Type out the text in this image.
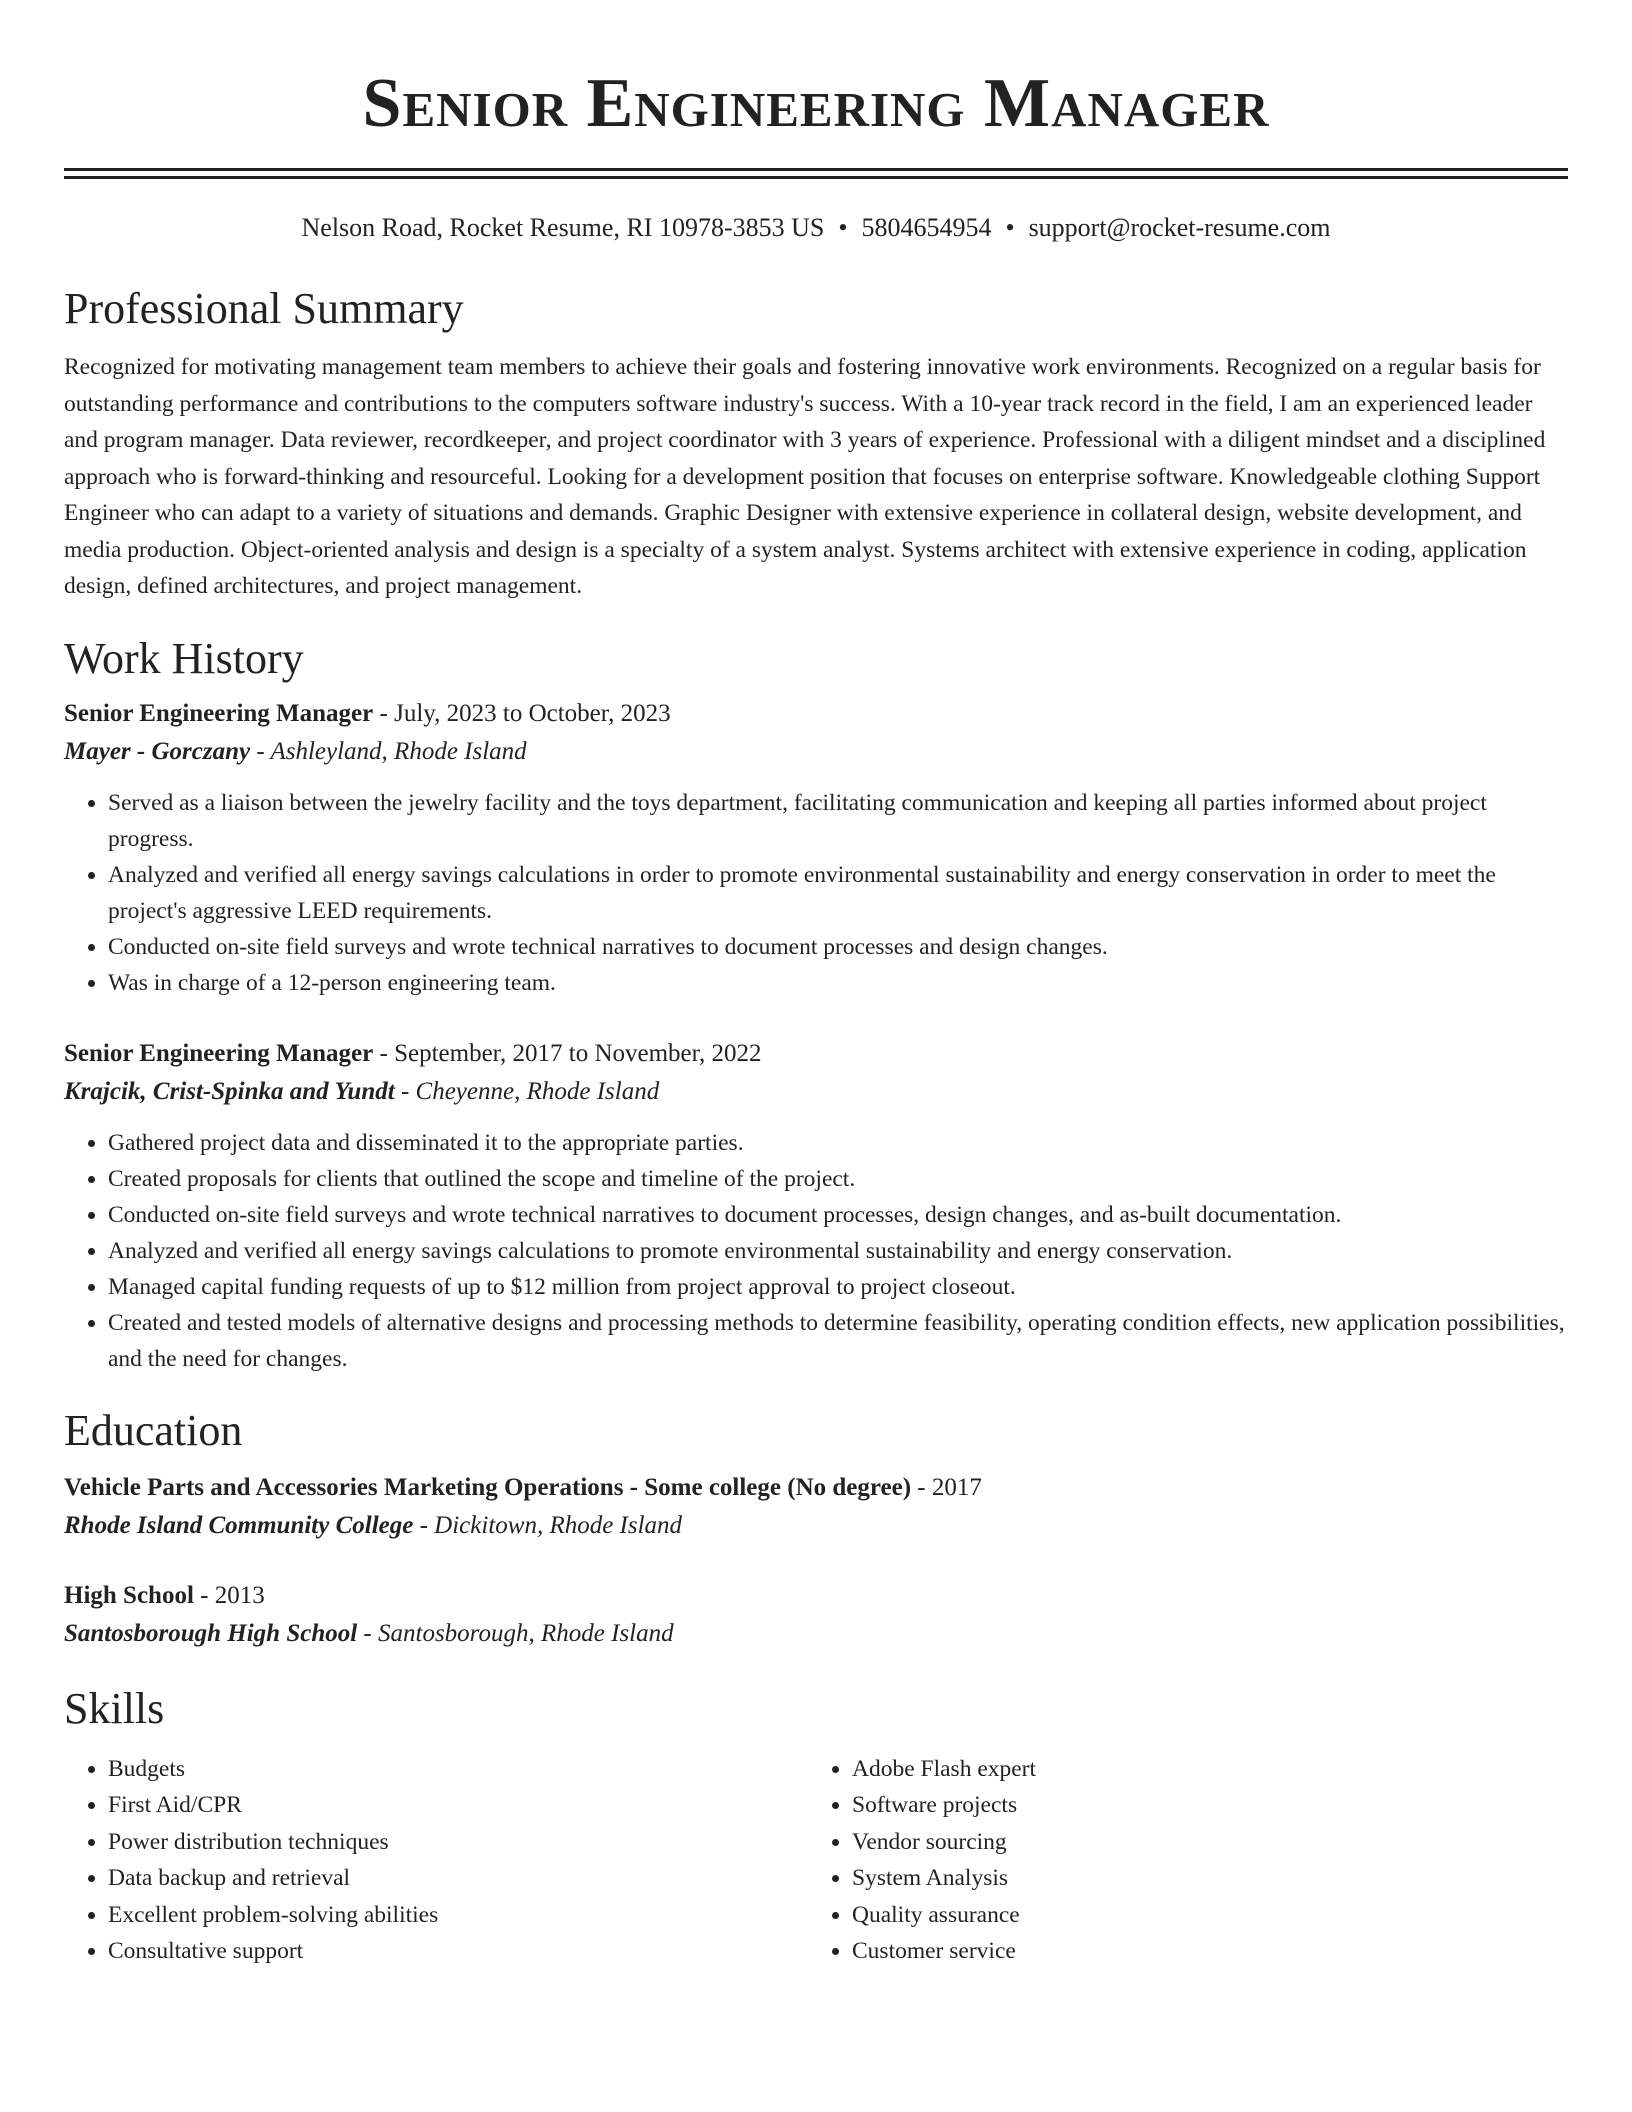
Senior Engineering Manager
Nelson Road, Rocket Resume, RI 10978-3853 US • 5804654954 • support@rocket-resume.com
Professional Summary
Recognized for motivating management team members to achieve their goals and fostering innovative work environments. Recognized on a regular basis for outstanding performance and contributions to the computers software industry's success. With a 10-year track record in the field, I am an experienced leader and program manager. Data reviewer, recordkeeper, and project coordinator with 3 years of experience. Professional with a diligent mindset and a disciplined approach who is forward-thinking and resourceful. Looking for a development position that focuses on enterprise software. Knowledgeable clothing Support Engineer who can adapt to a variety of situations and demands. Graphic Designer with extensive experience in collateral design, website development, and media production. Object-oriented analysis and design is a specialty of a system analyst. Systems architect with extensive experience in coding, application design, defined architectures, and project management.
Work History
Senior Engineering Manager - July, 2023 to October, 2023
Mayer - Gorczany - Ashleyland, Rhode Island
• Served as a liaison between the jewelry facility and the toys department, facilitating communication and keeping all parties informed about project progress.
• Analyzed and verified all energy savings calculations in order to promote environmental sustainability and energy conservation in order to meet the project's aggressive LEED requirements.
• Conducted on-site field surveys and wrote technical narratives to document processes and design changes.
• Was in charge of a 12-person engineering team.
Senior Engineering Manager - September, 2017 to November, 2022
Krajcik, Crist-Spinka and Yundt - Cheyenne, Rhode Island
• Gathered project data and disseminated it to the appropriate parties.
• Created proposals for clients that outlined the scope and timeline of the project.
• Conducted on-site field surveys and wrote technical narratives to document processes, design changes, and as-built documentation.
• Analyzed and verified all energy savings calculations to promote environmental sustainability and energy conservation.
• Managed capital funding requests of up to $12 million from project approval to project closeout.
• Created and tested models of alternative designs and processing methods to determine feasibility, operating condition effects, new application possibilities, and the need for changes.
Education
Vehicle Parts and Accessories Marketing Operations - Some college (No degree) - 2017
Rhode Island Community College - Dickitown, Rhode Island
High School - 2013
Santosborough High School - Santosborough, Rhode Island
Skills
• Budgets
• First Aid/CPR
• Power distribution techniques
• Data backup and retrieval
• Excellent problem-solving abilities
• Consultative support
• Adobe Flash expert
• Software projects
• Vendor sourcing
• System Analysis
• Quality assurance
• Customer service
